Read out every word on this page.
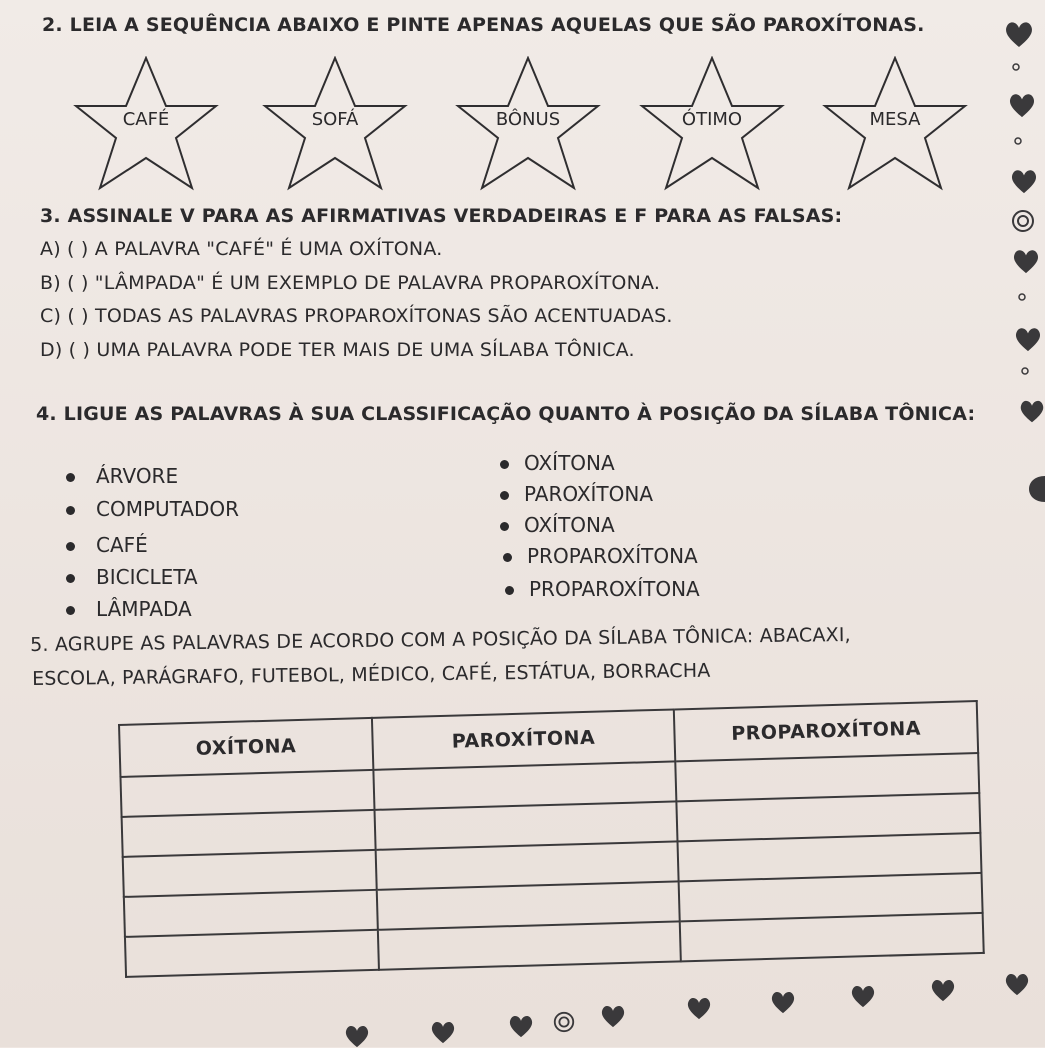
2. LEIA A SEQUÊNCIA ABAIXO E PINTE APENAS AQUELAS QUE SÃO PAROXÍTONAS.
CAFÉ	SOFÁ	BÔNUS	ÓTIMO	MESA
3. ASSINALE V PARA AS AFIRMATIVAS VERDADEIRAS E F PARA AS FALSAS:
A) ( ) A PALAVRA "CAFÉ" É UMA OXÍTONA.
B) ( ) "LÂMPADA" É UM EXEMPLO DE PALAVRA PROPAROXÍTONA.
C) ( ) TODAS AS PALAVRAS PROPAROXÍTONAS SÃO ACENTUADAS.
D) ( ) UMA PALAVRA PODE TER MAIS DE UMA SÍLABA TÔNICA.
4. LIGUE AS PALAVRAS À SUA CLASSIFICAÇÃO QUANTO À POSIÇÃO DA SÍLABA TÔNICA:
ÁRVORE
COMPUTADOR
CAFÉ
BICICLETA
LÂMPADA
OXÍTONA
PAROXÍTONA
OXÍTONA
PROPAROXÍTONA
PROPAROXÍTONA
5. AGRUPE AS PALAVRAS DE ACORDO COM A POSIÇÃO DA SÍLABA TÔNICA: ABACAXI,
ESCOLA, PARÁGRAFO, FUTEBOL, MÉDICO, CAFÉ, ESTÁTUA, BORRACHA
OXÍTONA	PAROXÍTONA	PROPAROXÍTONA
